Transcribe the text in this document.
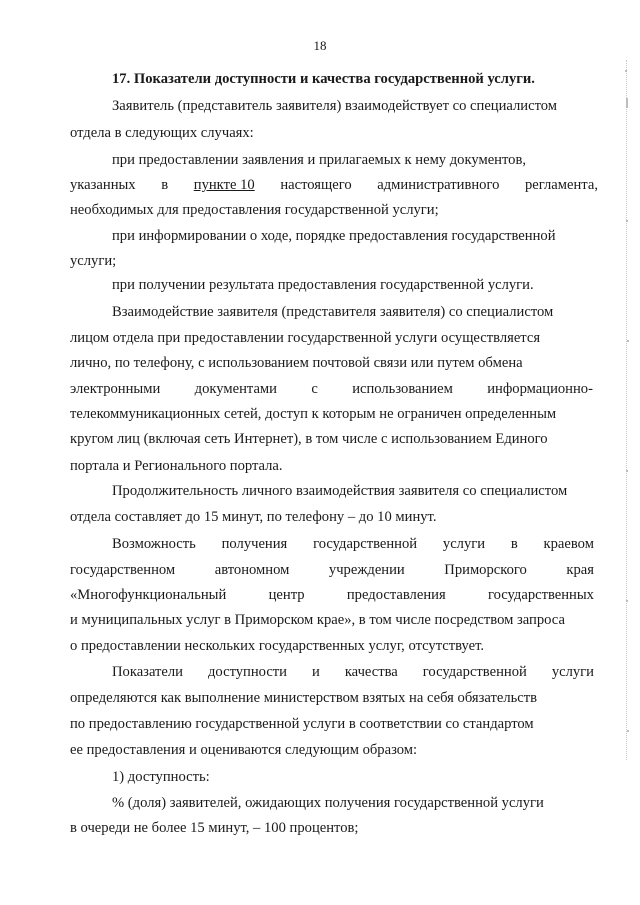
18
17. Показатели доступности и качества государственной услуги.
Заявитель (представитель заявителя) взаимодействует со специалистом
отдела в следующих случаях:
при предоставлении заявления и прилагаемых к нему документов,
указанных в пункте 10 настоящего административного регламента,
необходимых для предоставления государственной услуги;
при информировании о ходе, порядке предоставления государственной
услуги;
при получении результата предоставления государственной услуги.
Взаимодействие заявителя (представителя заявителя) со специалистом
лицом отдела при предоставлении государственной услуги осуществляется
лично, по телефону, с использованием почтовой связи или путем обмена
электронными документами с использованием информационно-
телекоммуникационных сетей, доступ к которым не ограничен определенным
кругом лиц (включая сеть Интернет), в том числе с использованием Единого
портала и Регионального портала.
Продолжительность личного взаимодействия заявителя со специалистом
отдела составляет до 15 минут, по телефону – до 10 минут.
Возможность получения государственной услуги в краевом
государственном	автономном	учреждении	Приморского	края
«Многофункциональный	центр	предоставления	государственных
и муниципальных услуг в Приморском крае», в том числе посредством запроса
о предоставлении нескольких государственных услуг, отсутствует.
Показатели доступности и качества государственной услуги
определяются как выполнение министерством взятых на себя обязательств
по предоставлению государственной услуги в соответствии со стандартом
ее предоставления и оцениваются следующим образом:
1) доступность:
% (доля) заявителей, ожидающих получения государственной услуги
в очереди не более 15 минут, – 100 процентов;
